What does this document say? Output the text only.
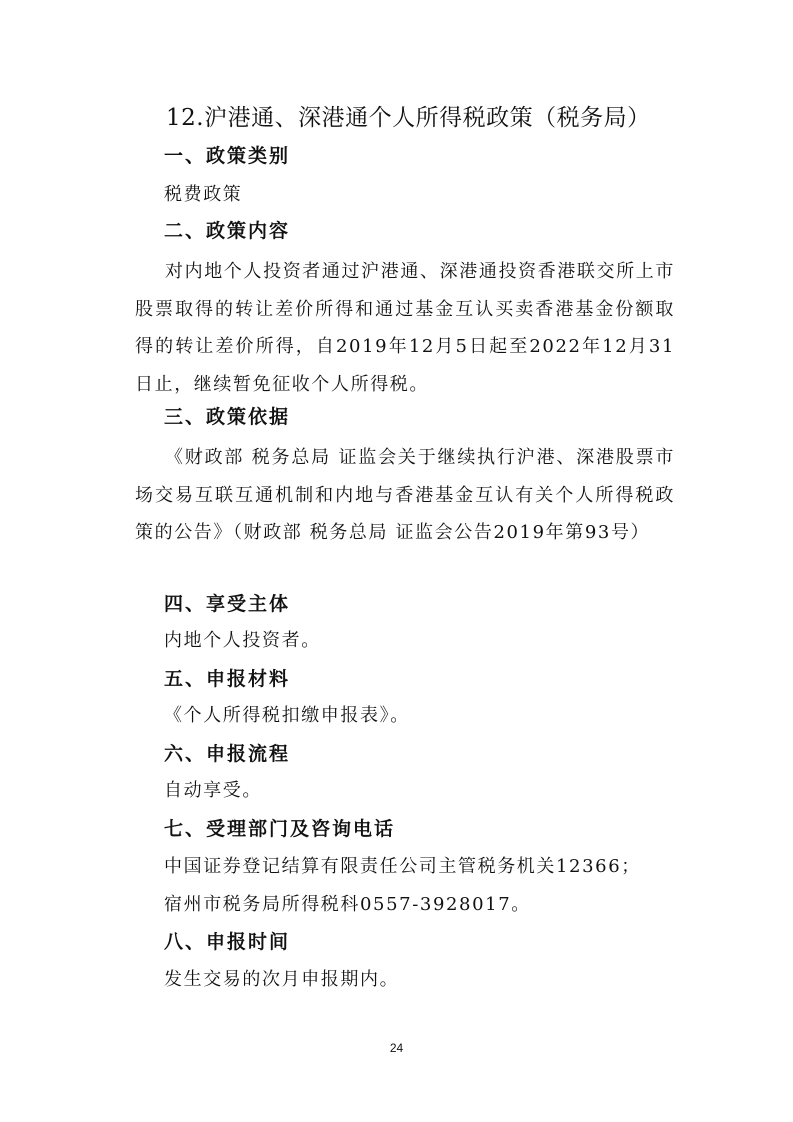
12.沪港通、深港通个人所得税政策（税务局）
一、政策类别
税费政策
二、政策内容
对内地个人投资者通过沪港通、深港通投资香港联交所上市股票取得的转让差价所得和通过基金互认买卖香港基金份额取得的转让差价所得，自2019年12月5日起至2022年12月31日止，继续暂免征收个人所得税。
三、政策依据
《财政部 税务总局 证监会关于继续执行沪港、深港股票市场交易互联互通机制和内地与香港基金互认有关个人所得税政策的公告》（财政部 税务总局 证监会公告2019年第93号）
四、享受主体
内地个人投资者。
五、申报材料
《个人所得税扣缴申报表》。
六、申报流程
自动享受。
七、受理部门及咨询电话
中国证券登记结算有限责任公司主管税务机关12366；
宿州市税务局所得税科0557-3928017。
八、申报时间
发生交易的次月申报期内。
24
